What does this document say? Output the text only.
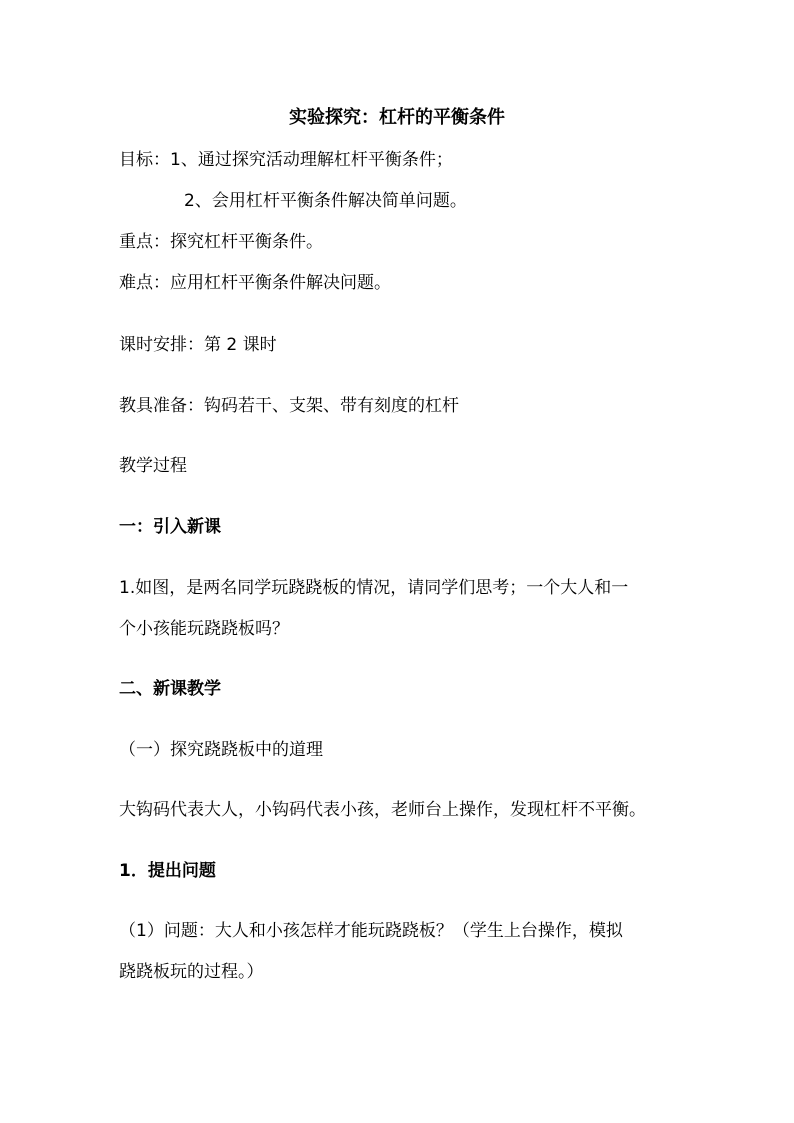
实验探究：杠杆的平衡条件
目标：1、通过探究活动理解杠杆平衡条件；
2、会用杠杆平衡条件解决简单问题。
重点：探究杠杆平衡条件。
难点：应用杠杆平衡条件解决问题。
课时安排：第 2 课时
教具准备：钩码若干、支架、带有刻度的杠杆
教学过程
一：引入新课
1.如图，是两名同学玩跷跷板的情况，请同学们思考；一个大人和一
个小孩能玩跷跷板吗？
二、新课教学
（一）探究跷跷板中的道理
大钩码代表大人，小钩码代表小孩，老师台上操作，发现杠杆不平衡。
1．提出问题
（1）问题：大人和小孩怎样才能玩跷跷板？（学生上台操作，模拟
跷跷板玩的过程。）
